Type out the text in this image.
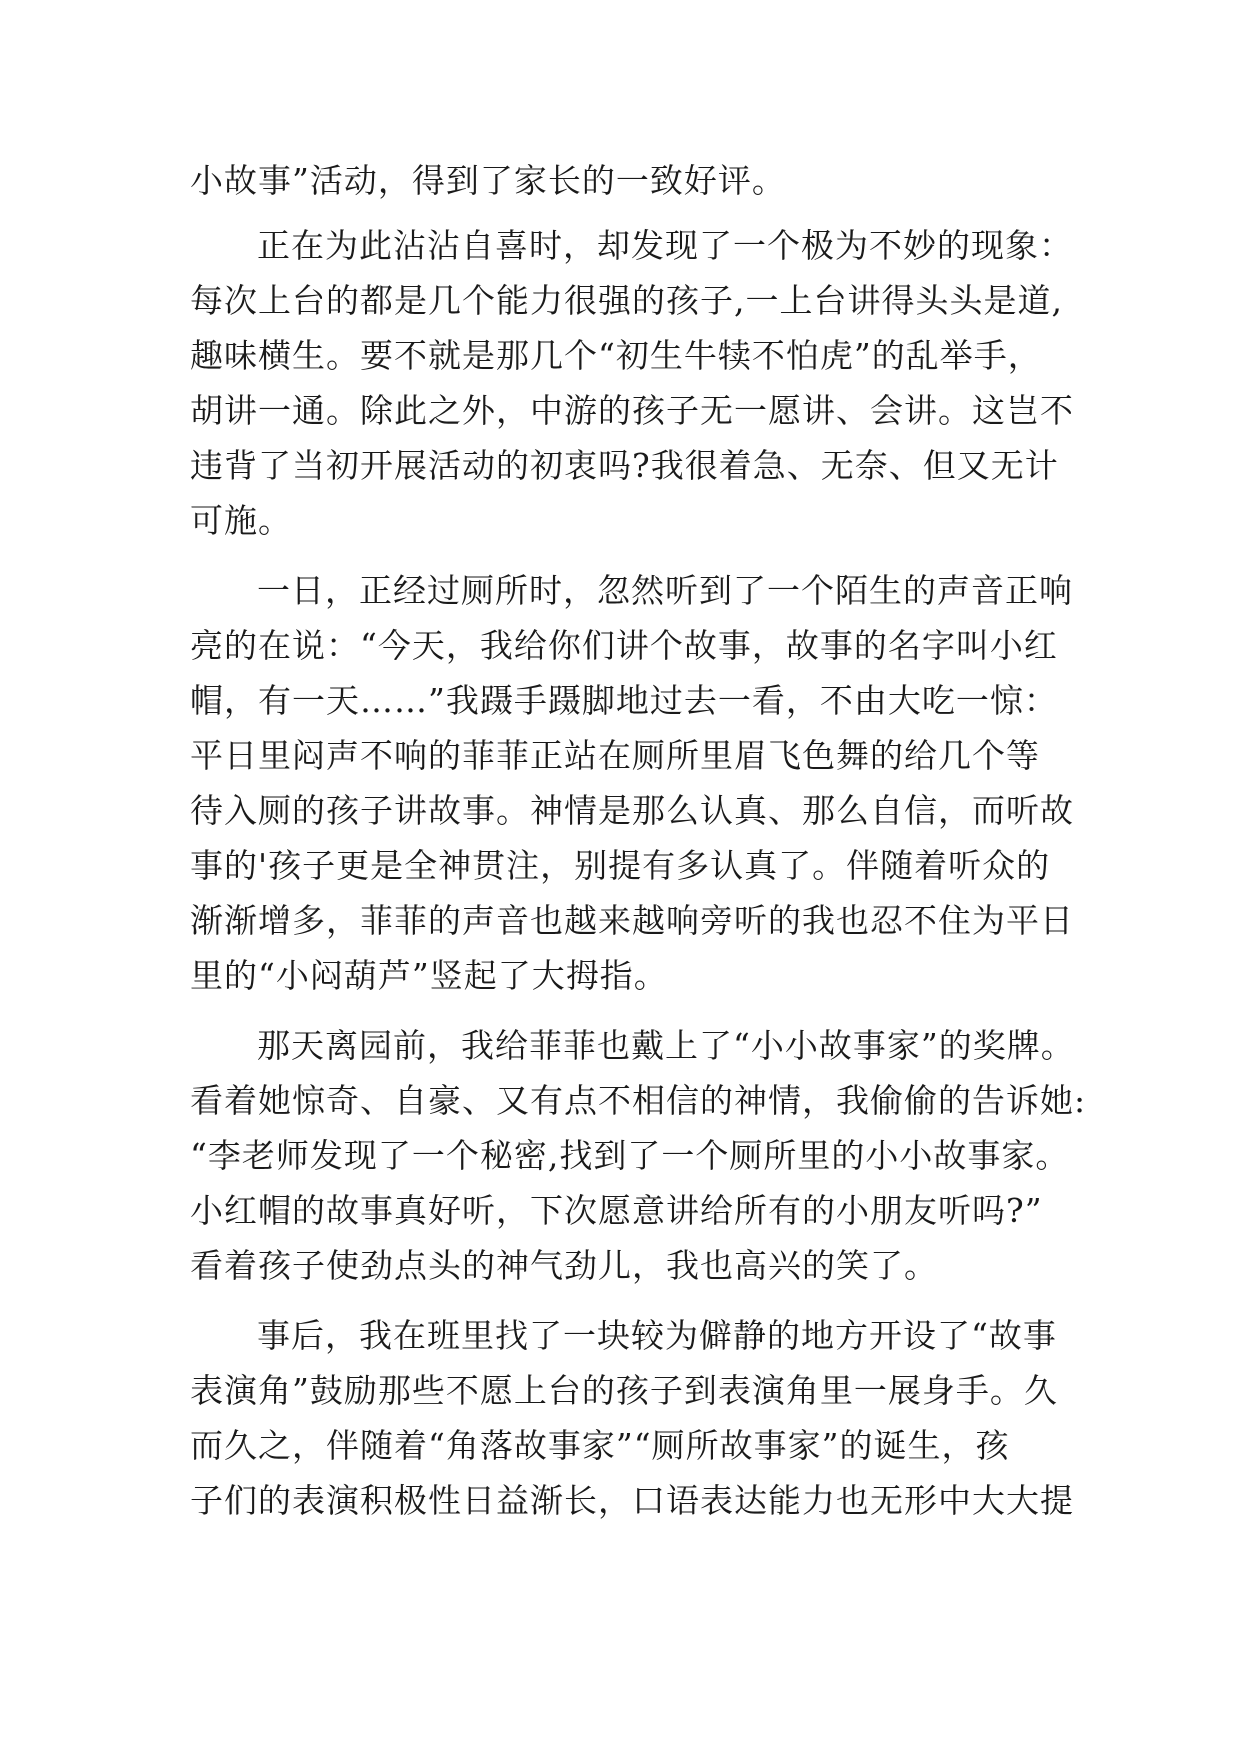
小故事”活动，得到了家长的一致好评。
正在为此沾沾自喜时，却发现了一个极为不妙的现象：
每次上台的都是几个能力很强的孩子,一上台讲得头头是道,
趣味横生。要不就是那几个“初生牛犊不怕虎”的乱举手，
胡讲一通。除此之外，中游的孩子无一愿讲、会讲。这岂不
违背了当初开展活动的初衷吗?我很着急、无奈、但又无计
可施。
一日，正经过厕所时，忽然听到了一个陌生的声音正响
亮的在说：“今天，我给你们讲个故事，故事的名字叫小红
帽，有一天……”我蹑手蹑脚地过去一看，不由大吃一惊：
平日里闷声不响的菲菲正站在厕所里眉飞色舞的给几个等
待入厕的孩子讲故事。神情是那么认真、那么自信，而听故
事的'孩子更是全神贯注，别提有多认真了。伴随着听众的
渐渐增多，菲菲的声音也越来越响旁听的我也忍不住为平日
里的“小闷葫芦”竖起了大拇指。
那天离园前，我给菲菲也戴上了“小小故事家”的奖牌。
看着她惊奇、自豪、又有点不相信的神情，我偷偷的告诉她:
“李老师发现了一个秘密,找到了一个厕所里的小小故事家。
小红帽的故事真好听，下次愿意讲给所有的小朋友听吗?”
看着孩子使劲点头的神气劲儿，我也高兴的笑了。
事后，我在班里找了一块较为僻静的地方开设了“故事
表演角”鼓励那些不愿上台的孩子到表演角里一展身手。久
而久之，伴随着“角落故事家”“厕所故事家”的诞生，孩
子们的表演积极性日益渐长，口语表达能力也无形中大大提
